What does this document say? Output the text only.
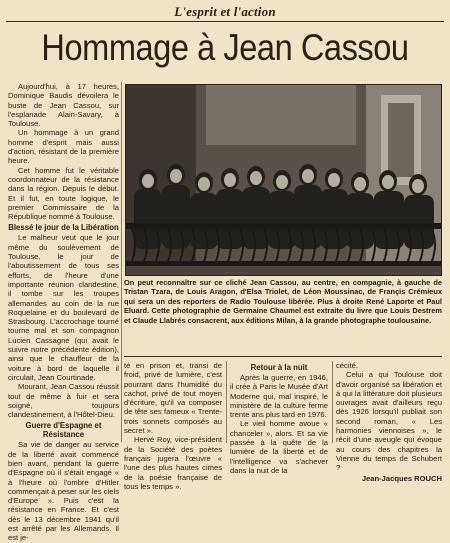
L'esprit et l'action
Hommage à Jean Cassou

Aujourd'hui, à 17 heures, Dominique Baudis dévoilera le buste de Jean Cassou, sur l'esplanade Alain-Savary, à Toulouse.

Un hommage à un grand homme d'esprit mais aussi d'action, résistant de la première heure.

Cet homme fut le véritable coordonnateur de la résistance dans la région. Depuis le début. Et il fut, en toute logique, le premier Commissaire de la République nommé à Toulouse.

Blessé le jour de la Libération

Le malheur veut que le jour même du soulèvement de Toulouse, le jour de l'aboutissement de tous ses efforts, de l'heure d'une importante réunion clandestine, il tombe sur les troupes allemandes au coin de la rue Roquelaine et du boulevard de Strasbourg. L'accrochage tourné tourne mal et son compagnon Lucien Cassagne (qui avait le suivre notre précédente édition), ainsi que le chauffeur de la voiture à bord de laquelle il circulait, Jean Courtinade.

Mourant, Jean Cassou réussit tout de même à fuir et sera soigné, toujours clandestinement, à l'Hôtel-Dieu.

Guerre d'Espagne et Résistance

Sa vie de danger au service de la liberté avait commencé bien avant, pendant la guerre d'Espagne où il s'était engagé « à l'heure où l'ombre d'Hitler commençait à peser sur les ciels d'Europe ». Puis c'est la résistance en France. Et c'est dès le 13 décembre 1941 qu'il est arrêté par les Allemands. Il est je-

On peut reconnaître sur ce cliché Jean Cassou, au centre, en compagnie, à gauche de Tristan Tzara, de Louis Aragon, d'Elsa Triolet, de Léon Moussinac, de Françis Crémieux qui sera un des reporters de Radio Toulouse libérée. Plus à droite René Laporte et Paul Eluard. Cette photographie de Germaine Chaumel est extraite du livre que Louis Destrem et Claude Llabrés consacrent, aux éditions Milan, à la grande photographe toulousaine.

té en prison et, transi de froid, privé de lumière, c'est pourrant dans l'humidité du cachot, privé de tout moyen d'écriture, qu'il va composer de tête ses fameux « Trente-trois sonnets composés au secret ».

Hervé Roy, vice-président de la Société des poètes français jugera l'œuvre « l'une des plus hautes cimes de la poésie française de tous les temps ».

Retour à la nuit

Après la guerre, en 1946, il crée à Paris le Musée d'Art Moderne qui, mal inspiré, le ministère de la culture ferme trente ans plus tard en 1976.

Le vieil homme avoue « chanceler », alors. Et sa vie passée à la quête de la lumière de la liberté et de l'intelligence va s'achever dans la nuit de la

cécité.

Celui a qui Toulouse doit d'avoir organisé sa libération et à qui la littérature doit plusieurs ouvrages avait d'ailleurs reçu dès 1926 lorsqu'il publiait son second roman, « Les harmonies viennoises », le récit d'une aveugle qui évoque au cours des chapitres la Vienne du temps de Schubert ?

Jean-Jacques ROUCH
